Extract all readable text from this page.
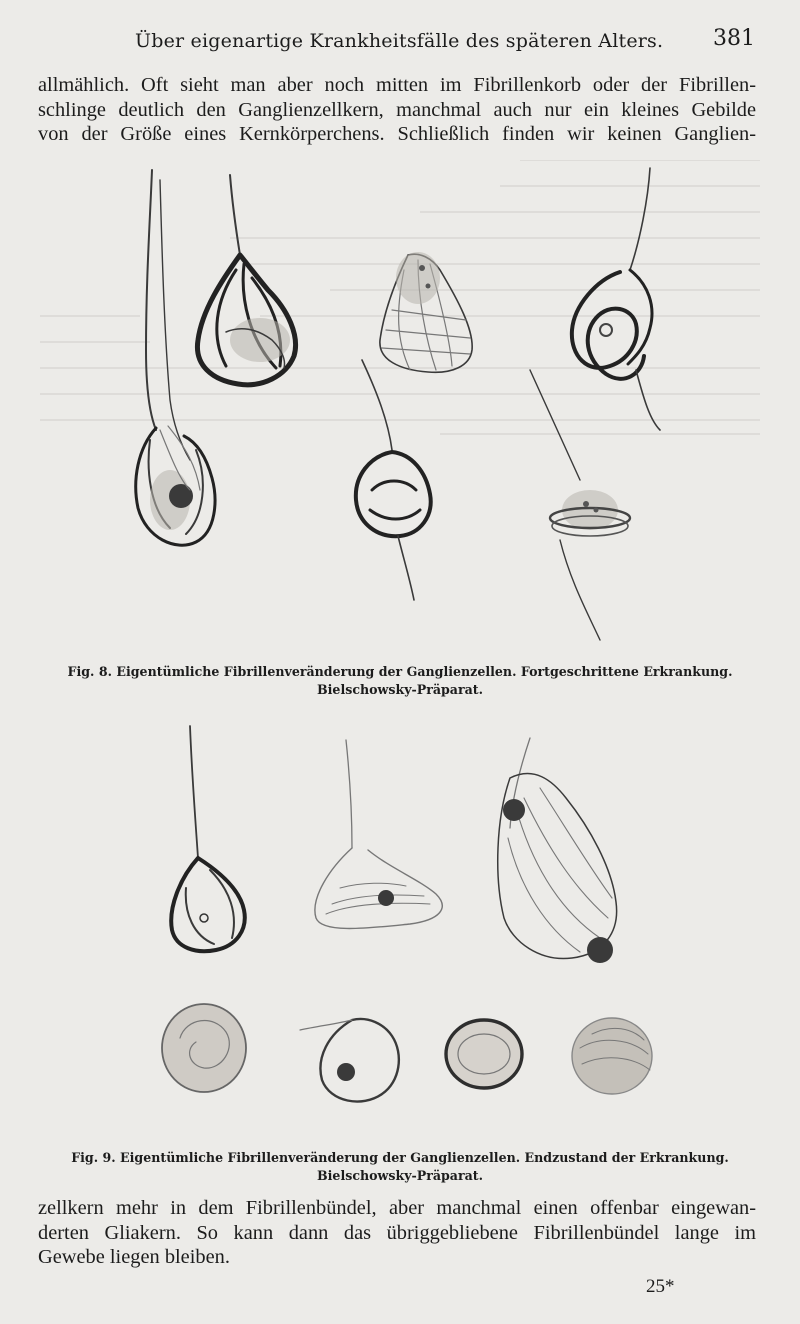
Über eigenartige Krankheitsfälle des späteren Alters. 381
allmählich. Oft sieht man aber noch mitten im Fibrillenkorb oder der Fibrillen-
schlinge deutlich den Ganglienzellkern, manchmal auch nur ein kleines Gebilde
von der Größe eines Kernkörperchens. Schließlich finden wir keinen Ganglien-
Fig. 8. Eigentümliche Fibrillenveränderung der Ganglienzellen. Fortgeschrittene Erkrankung.
Bielschowsky-Präparat.
Fig. 9. Eigentümliche Fibrillenveränderung der Ganglienzellen. Endzustand der Erkrankung.
Bielschowsky-Präparat.
zellkern mehr in dem Fibrillenbündel, aber manchmal einen offenbar eingewan-
derten Gliakern. So kann dann das übriggebliebene Fibrillenbündel lange im
Gewebe liegen bleiben.
25*
